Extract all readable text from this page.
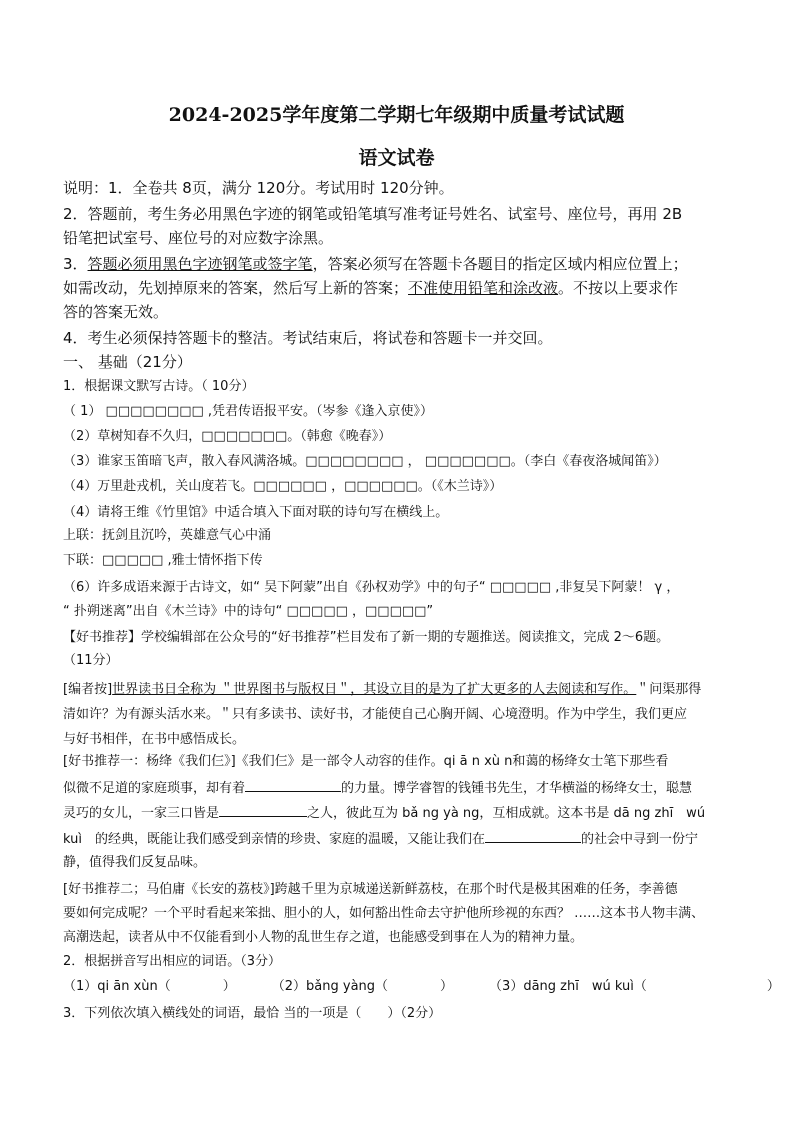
2024-2025学年度第二学期七年级期中质量考试试题
语文试卷
说明：1．全卷共 8页，满分 120分。考试用时 120分钟。
2．答题前，考生务必用黑色字迹的钢笔或铅笔填写准考证号姓名、试室号、座位号，再用 2B
铅笔把试室号、座位号的对应数字涂黑。
3．答题必须用黑色字迹钢笔或签字笔，答案必须写在答题卡各题目的指定区域内相应位置上；
如需改动，先划掉原来的答案，然后写上新的答案；不准使用铅笔和涂改液。不按以上要求作
答的答案无效。
4．考生必须保持答题卡的整洁。考试结束后，将试卷和答题卡一并交回。
一、 基础（21分）
1．根据课文默写古诗。（ 10分）
（ 1） □□□□□□□□ ,凭君传语报平安。（岑参《逢入京使》）
（2）草树知春不久归，□□□□□□□。（韩愈《晚春》）
（3）谁家玉笛暗飞声，散入春风满洛城。□□□□□□□□ ， □□□□□□□。（李白《春夜洛城闻笛》）
（4）万里赴戎机，关山度若飞。□□□□□□ ，□□□□□□。（《木兰诗》）
（4）请将王维《竹里馆》中适合填入下面对联的诗句写在横线上。
上联：抚剑且沉吟，英雄意气心中涌
下联：□□□□□ ,雅士情怀指下传
（6）许多成语来源于古诗文，如“ 吴下阿蒙”出自《孙权劝学》中的句子“ □□□□□ ,非复吴下阿蒙！ γ ，
“ 扑朔迷离”出自《木兰诗》中的诗句“ □□□□□ ，□□□□□”
【好书推荐】学校编辑部在公众号的“好书推荐”栏目发布了新一期的专题推送。阅读推文，完成 2～6题。
（11分）
[编者按]世界读书日全称为 ＂世界图书与版权日＂，其设立目的是为了扩大更多的人去阅读和写作。＂问渠那得
清如许？为有源头活水来。＂只有多读书、读好书，才能使自己心胸开阔、心境澄明。作为中学生，我们更应
与好书相伴，在书中感悟成长。
[好书推荐一：杨绛《我们仨》]《我们仨》是一部令人动容的佳作。qi ā n xù n和蔼的杨绛女士笔下那些看
似微不足道的家庭琐事，却有着	的力量。博学睿智的钱锺书先生，才华横溢的杨绛女士，聪慧
灵巧的女儿，一家三口皆是	之人，彼此互为 bǎ ng yà ng，互相成就。这本书是 dā ng zhī　wú
kuì　的经典，既能让我们感受到亲情的珍贵、家庭的温暖，又能让我们在	的社会中寻到一份宁
静，值得我们反复品味。
[好书推荐二；马伯庸《长安的荔枝》]跨越千里为京城递送新鲜荔枝，在那个时代是极其困难的任务，李善德
要如何完成呢？一个平时看起来笨拙、胆小的人，如何豁出性命去守护他所珍视的东西？ ……这本书人物丰满、
高潮迭起，读者从中不仅能看到小人物的乱世生存之道，也能感受到事在人为的精神力量。
2．根据拼音写出相应的词语。（3分）
（1）qi ān xùn（　　　　）	（2）bǎng yàng（　　　　）	（3）dāng zhī　wú kuì（	）
3．下列依次填入横线处的词语，最恰 当的一项是（　　）（2分）
